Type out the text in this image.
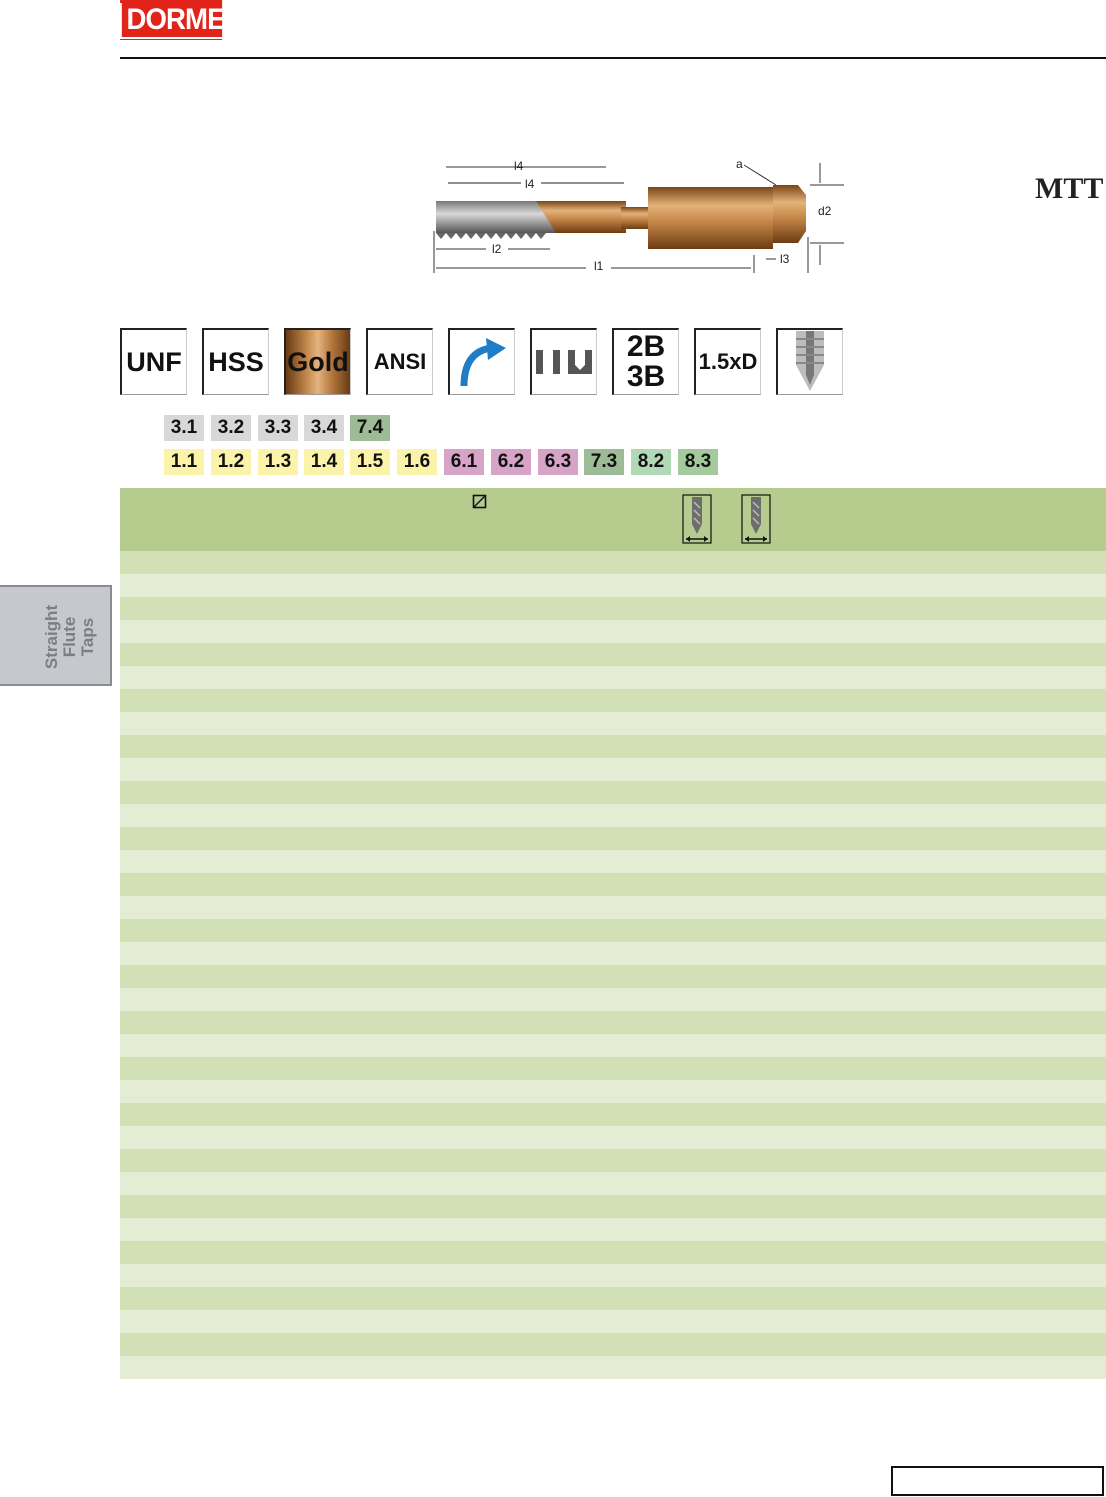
DORMER
l4
l4
l2
l1	l3
a
d2
MTT
UNF HSS Gold	ANSI	2B
3B 1.5xD
3.1	3.2	3.3	3.4	7.4
1.1	1.2	1.3	1.4	1.5	1.6	6.1	6.2	6.3	7.3	8.2	8.3
Straight Flute Taps
